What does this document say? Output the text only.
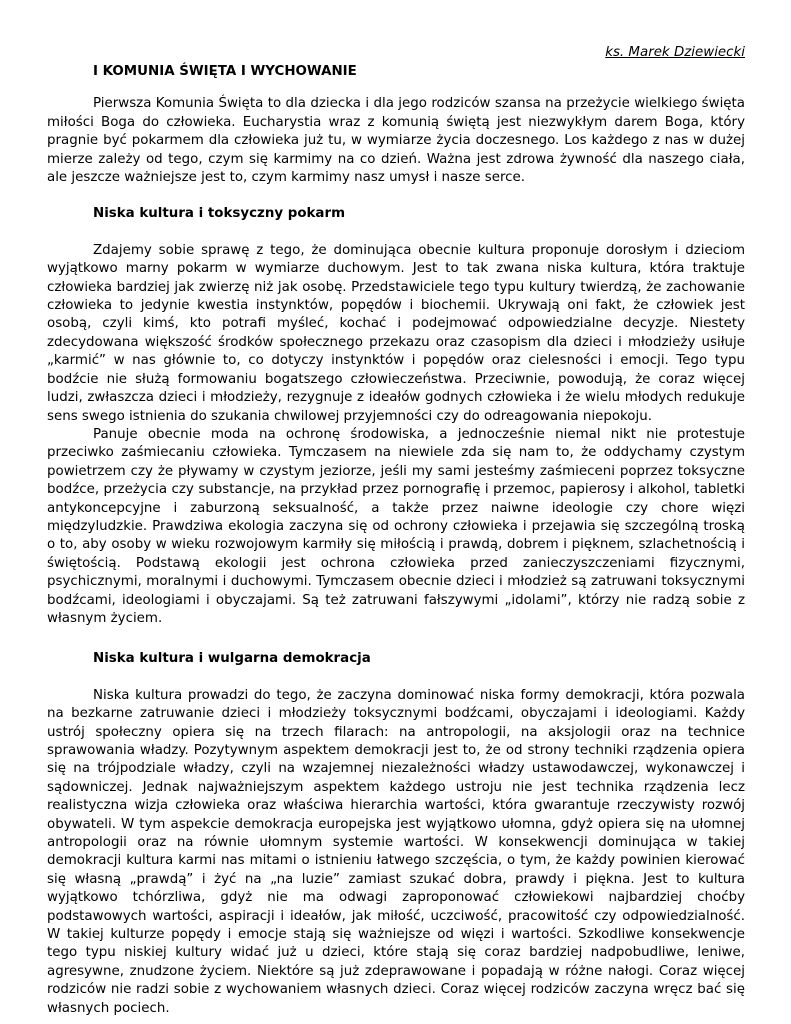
ks. Marek Dziewiecki

I KOMUNIA ŚWIĘTA I WYCHOWANIE

Pierwsza Komunia Święta to dla dziecka i dla jego rodziców szansa na przeżycie wielkiego święta miłości Boga do człowieka. Eucharystia wraz z komunią świętą jest niezwykłym darem Boga, który pragnie być pokarmem dla człowieka już tu, w wymiarze życia doczesnego. Los każdego z nas w dużej mierze zależy od tego, czym się karmimy na co dzień. Ważna jest zdrowa żywność dla naszego ciała, ale jeszcze ważniejsze jest to, czym karmimy nasz umysł i nasze serce.

Niska kultura i toksyczny pokarm

Zdajemy sobie sprawę z tego, że dominująca obecnie kultura proponuje dorosłym i dzieciom wyjątkowo marny pokarm w wymiarze duchowym. Jest to tak zwana niska kultura, która traktuje człowieka bardziej jak zwierzę niż jak osobę. Przedstawiciele tego typu kultury twierdzą, że zachowanie człowieka to jedynie kwestia instynktów, popędów i biochemii. Ukrywają oni fakt, że człowiek jest osobą, czyli kimś, kto potrafi myśleć, kochać i podejmować odpowiedzialne decyzje. Niestety zdecydowana większość środków społecznego przekazu oraz czasopism dla dzieci i młodzieży usiłuje „karmić” w nas głównie to, co dotyczy instynktów i popędów oraz cielesności i emocji. Tego typu bodźcie nie służą formowaniu bogatszego człowieczeństwa. Przeciwnie, powodują, że coraz więcej ludzi, zwłaszcza dzieci i młodzieży, rezygnuje z ideałów godnych człowieka i że wielu młodych redukuje sens swego istnienia do szukania chwilowej przyjemności czy do odreagowania niepokoju.

Panuje obecnie moda na ochronę środowiska, a jednocześnie niemal nikt nie protestuje przeciwko zaśmiecaniu człowieka. Tymczasem na niewiele zda się nam to, że oddychamy czystym powietrzem czy że pływamy w czystym jeziorze, jeśli my sami jesteśmy zaśmieceni poprzez toksyczne bodźce, przeżycia czy substancje, na przykład przez pornografię i przemoc, papierosy i alkohol, tabletki antykoncepcyjne i zaburzoną seksualność, a także przez naiwne ideologie czy chore więzi międzyludzkie. Prawdziwa ekologia zaczyna się od ochrony człowieka i przejawia się szczególną troską o to, aby osoby w wieku rozwojowym karmiły się miłością i prawdą, dobrem i pięknem, szlachetnością i świętością. Podstawą ekologii jest ochrona człowieka przed zanieczyszczeniami fizycznymi, psychicznymi, moralnymi i duchowymi. Tymczasem obecnie dzieci i młodzież są zatruwani toksycznymi bodźcami, ideologiami i obyczajami. Są też zatruwani fałszywymi „idolami”, którzy nie radzą sobie z własnym życiem.

Niska kultura i wulgarna demokracja

Niska kultura prowadzi do tego, że zaczyna dominować niska formy demokracji, która pozwala na bezkarne zatruwanie dzieci i młodzieży toksycznymi bodźcami, obyczajami i ideologiami. Każdy ustrój społeczny opiera się na trzech filarach: na antropologii, na aksjologii oraz na technice sprawowania władzy. Pozytywnym aspektem demokracji jest to, że od strony techniki rządzenia opiera się na trójpodziale władzy, czyli na wzajemnej niezależności władzy ustawodawczej, wykonawczej i sądowniczej. Jednak najważniejszym aspektem każdego ustroju nie jest technika rządzenia lecz realistyczna wizja człowieka oraz właściwa hierarchia wartości, która gwarantuje rzeczywisty rozwój obywateli. W tym aspekcie demokracja europejska jest wyjątkowo ułomna, gdyż opiera się na ułomnej antropologii oraz na równie ułomnym systemie wartości. W konsekwencji dominująca w takiej demokracji kultura karmi nas mitami o istnieniu łatwego szczęścia, o tym, że każdy powinien kierować się własną „prawdą” i żyć na „na luzie” zamiast szukać dobra, prawdy i piękna. Jest to kultura wyjątkowo tchórzliwa, gdyż nie ma odwagi zaproponować człowiekowi najbardziej choćby podstawowych wartości, aspiracji i ideałów, jak miłość, uczciwość, pracowitość czy odpowiedzialność. W takiej kulturze popędy i emocje stają się ważniejsze od więzi i wartości. Szkodliwe konsekwencje tego typu niskiej kultury widać już u dzieci, które stają się coraz bardziej nadpobudliwe, leniwe, agresywne, znudzone życiem. Niektóre są już zdeprawowane i popadają w różne nałogi. Coraz więcej rodziców nie radzi sobie z wychowaniem własnych dzieci. Coraz więcej rodziców zaczyna wręcz bać się własnych pociech.
